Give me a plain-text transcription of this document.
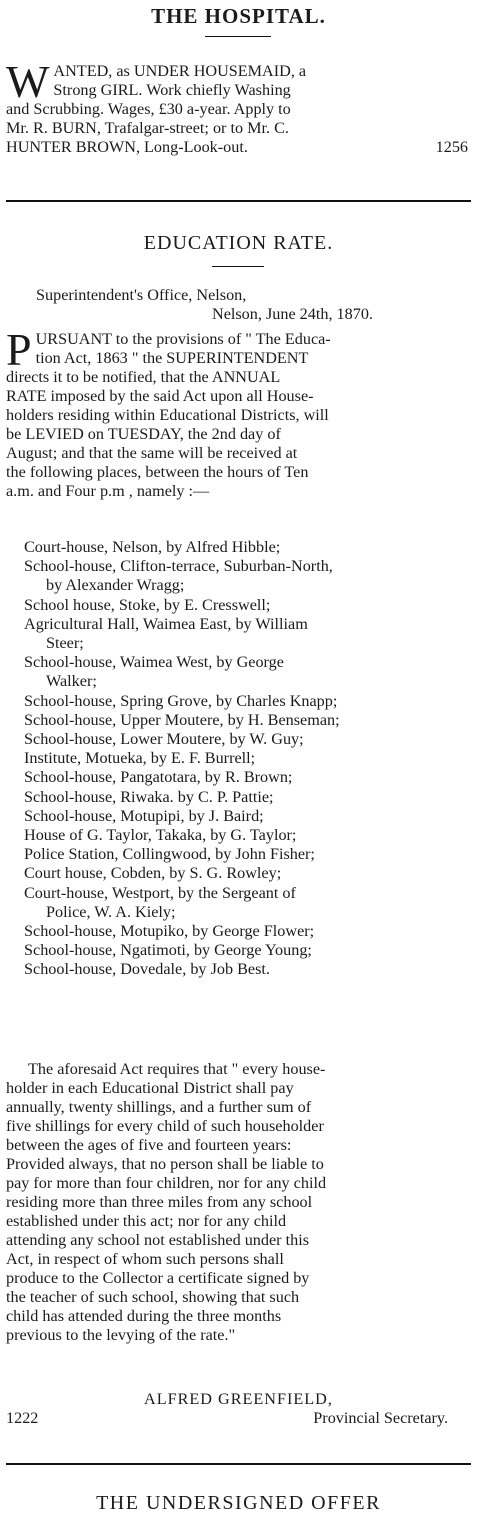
THE HOSPITAL.
W ANTED, as UNDER HOUSEMAID, a
Strong GIRL. Work chiefly Washing
and Scrubbing. Wages, £30 a-year. Apply to
Mr. R. BURN, Trafalgar-street; or to Mr. C.
HUNTER BROWN, Long-Look-out.	1256
EDUCATION RATE.
Superintendent's Office, Nelson,
Nelson, June 24th, 1870.
P URSUANT to the provisions of " The Educa-
tion Act, 1863 " the SUPERINTENDENT
directs it to be notified, that the ANNUAL
RATE imposed by the said Act upon all House-
holders residing within Educational Districts, will
be LEVIED on TUESDAY, the 2nd day of
August; and that the same will be received at
the following places, between the hours of Ten
a.m. and Four p.m , namely :—
Court-house, Nelson, by Alfred Hibble;
School-house, Clifton-terrace, Suburban-North,
by Alexander Wragg;
School house, Stoke, by E. Cresswell;
Agricultural Hall, Waimea East, by William
Steer;
School-house, Waimea West, by George
Walker;
School-house, Spring Grove, by Charles Knapp;
School-house, Upper Moutere, by H. Benseman;
School-house, Lower Moutere, by W. Guy;
Institute, Motueka, by E. F. Burrell;
School-house, Pangatotara, by R. Brown;
School-house, Riwaka. by C. P. Pattie;
School-house, Motupipi, by J. Baird;
House of G. Taylor, Takaka, by G. Taylor;
Police Station, Collingwood, by John Fisher;
Court house, Cobden, by S. G. Rowley;
Court-house, Westport, by the Sergeant of
Police, W. A. Kiely;
School-house, Motupiko, by George Flower;
School-house, Ngatimoti, by George Young;
School-house, Dovedale, by Job Best.
The aforesaid Act requires that " every house-
holder in each Educational District shall pay
annually, twenty shillings, and a further sum of
five shillings for every child of such householder
between the ages of five and fourteen years:
Provided always, that no person shall be liable to
pay for more than four children, nor for any child
residing more than three miles from any school
established under this act; nor for any child
attending any school not established under this
Act, in respect of whom such persons shall
produce to the Collector a certificate signed by
the teacher of such school, showing that such
child has attended during the three months
previous to the levying of the rate."
ALFRED GREENFIELD,
1222	Provincial Secretary.
THE UNDERSIGNED OFFER
